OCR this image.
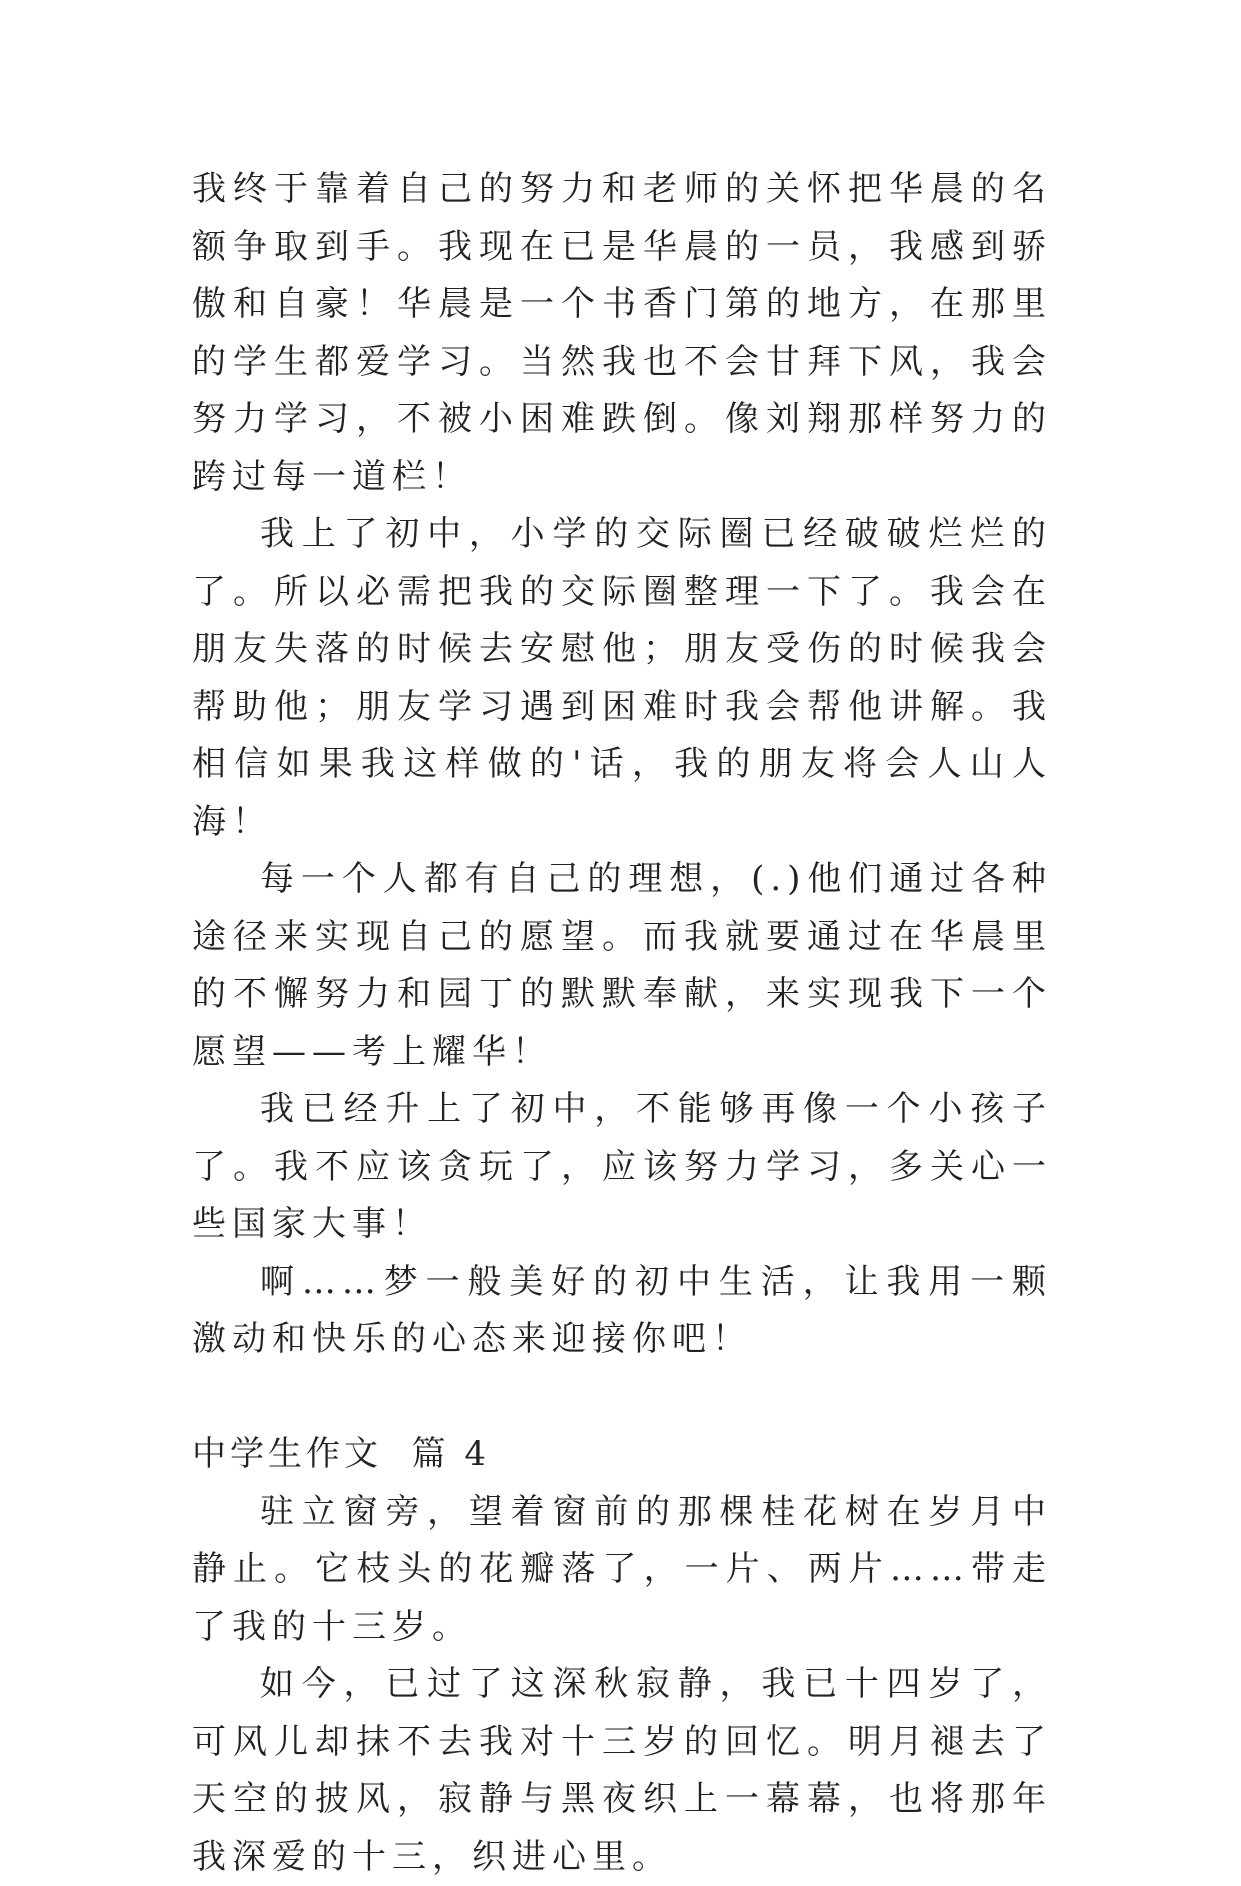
我终于靠着自己的努力和老师的关怀把华晨的名额争取到手。我现在已是华晨的一员，我感到骄傲和自豪！华晨是一个书香门第的地方，在那里的学生都爱学习。当然我也不会甘拜下风，我会努力学习，不被小困难跌倒。像刘翔那样努力的跨过每一道栏！

我上了初中，小学的交际圈已经破破烂烂的了。所以必需把我的交际圈整理一下了。我会在朋友失落的时候去安慰他；朋友受伤的时候我会帮助他；朋友学习遇到困难时我会帮他讲解。我相信如果我这样做的'话，我的朋友将会人山人海！

每一个人都有自己的理想，(.)他们通过各种途径来实现自己的愿望。而我就要通过在华晨里的不懈努力和园丁的默默奉献，来实现我下一个愿望——考上耀华！

我已经升上了初中，不能够再像一个小孩子了。我不应该贪玩了，应该努力学习，多关心一些国家大事！

啊……梦一般美好的初中生活，让我用一颗激动和快乐的心态来迎接你吧！

中学生作文  篇 4

驻立窗旁，望着窗前的那棵桂花树在岁月中静止。它枝头的花瓣落了，一片、两片……带走了我的十三岁。

如今，已过了这深秋寂静，我已十四岁了，可风儿却抹不去我对十三岁的回忆。明月褪去了天空的披风，寂静与黑夜织上一幕幕，也将那年我深爱的十三，织进心里。
